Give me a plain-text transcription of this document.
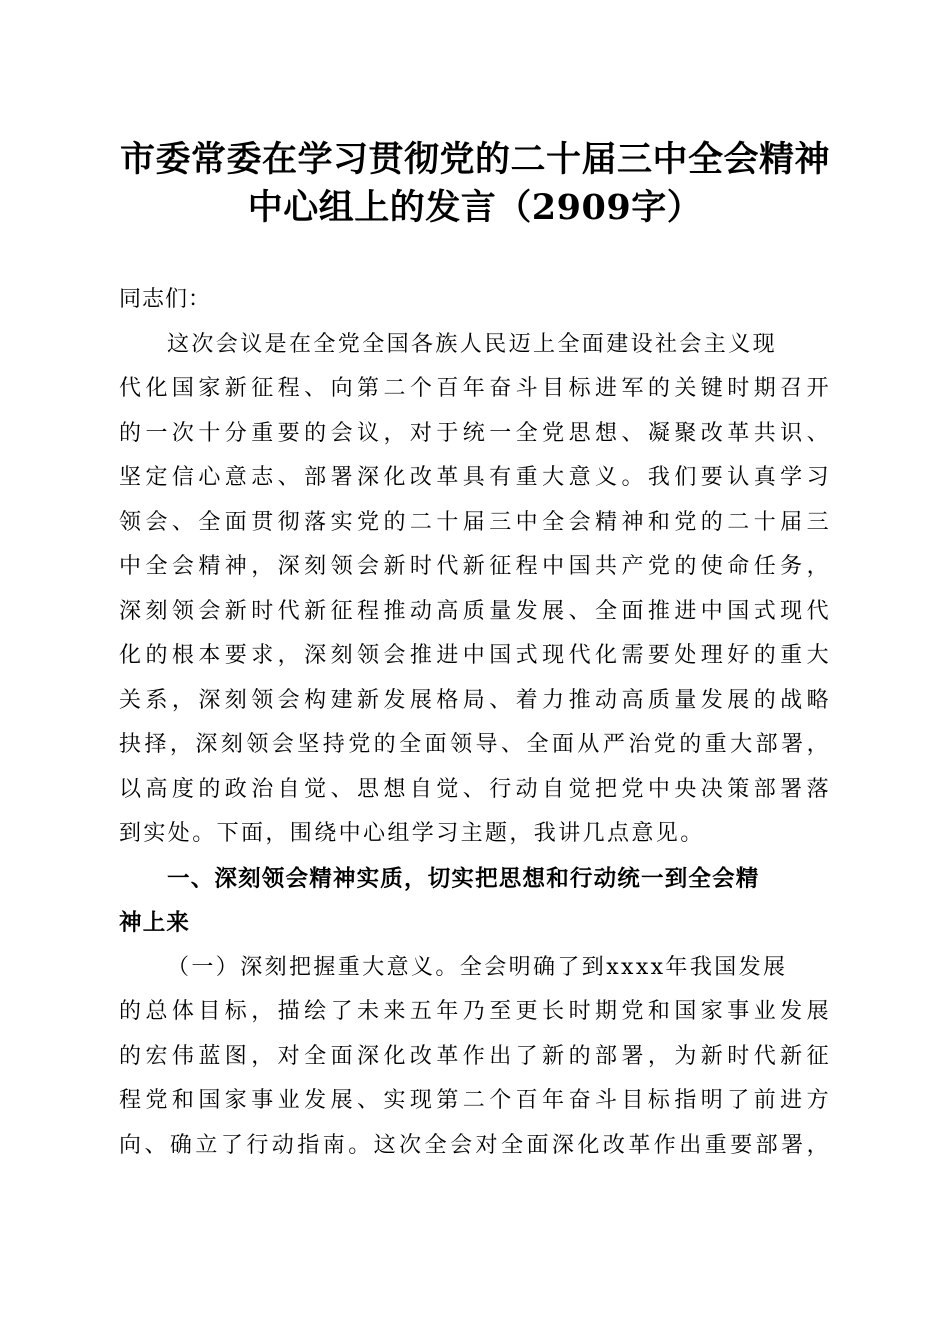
市委常委在学习贯彻党的二十届三中全会精神
中心组上的发言（2909字）
同志们：
这次会议是在全党全国各族人民迈上全面建设社会主义现
代化国家新征程、向第二个百年奋斗目标进军的关键时期召开
的一次十分重要的会议，对于统一全党思想、凝聚改革共识、
坚定信心意志、部署深化改革具有重大意义。我们要认真学习
领会、全面贯彻落实党的二十届三中全会精神和党的二十届三
中全会精神，深刻领会新时代新征程中国共产党的使命任务，
深刻领会新时代新征程推动高质量发展、全面推进中国式现代
化的根本要求，深刻领会推进中国式现代化需要处理好的重大
关系，深刻领会构建新发展格局、着力推动高质量发展的战略
抉择，深刻领会坚持党的全面领导、全面从严治党的重大部署，
以高度的政治自觉、思想自觉、行动自觉把党中央决策部署落
到实处。下面，围绕中心组学习主题，我讲几点意见。
一、深刻领会精神实质，切实把思想和行动统一到全会精
神上来
（一）深刻把握重大意义。全会明确了到xxxx年我国发展
的总体目标，描绘了未来五年乃至更长时期党和国家事业发展
的宏伟蓝图，对全面深化改革作出了新的部署，为新时代新征
程党和国家事业发展、实现第二个百年奋斗目标指明了前进方
向、确立了行动指南。这次全会对全面深化改革作出重要部署，
